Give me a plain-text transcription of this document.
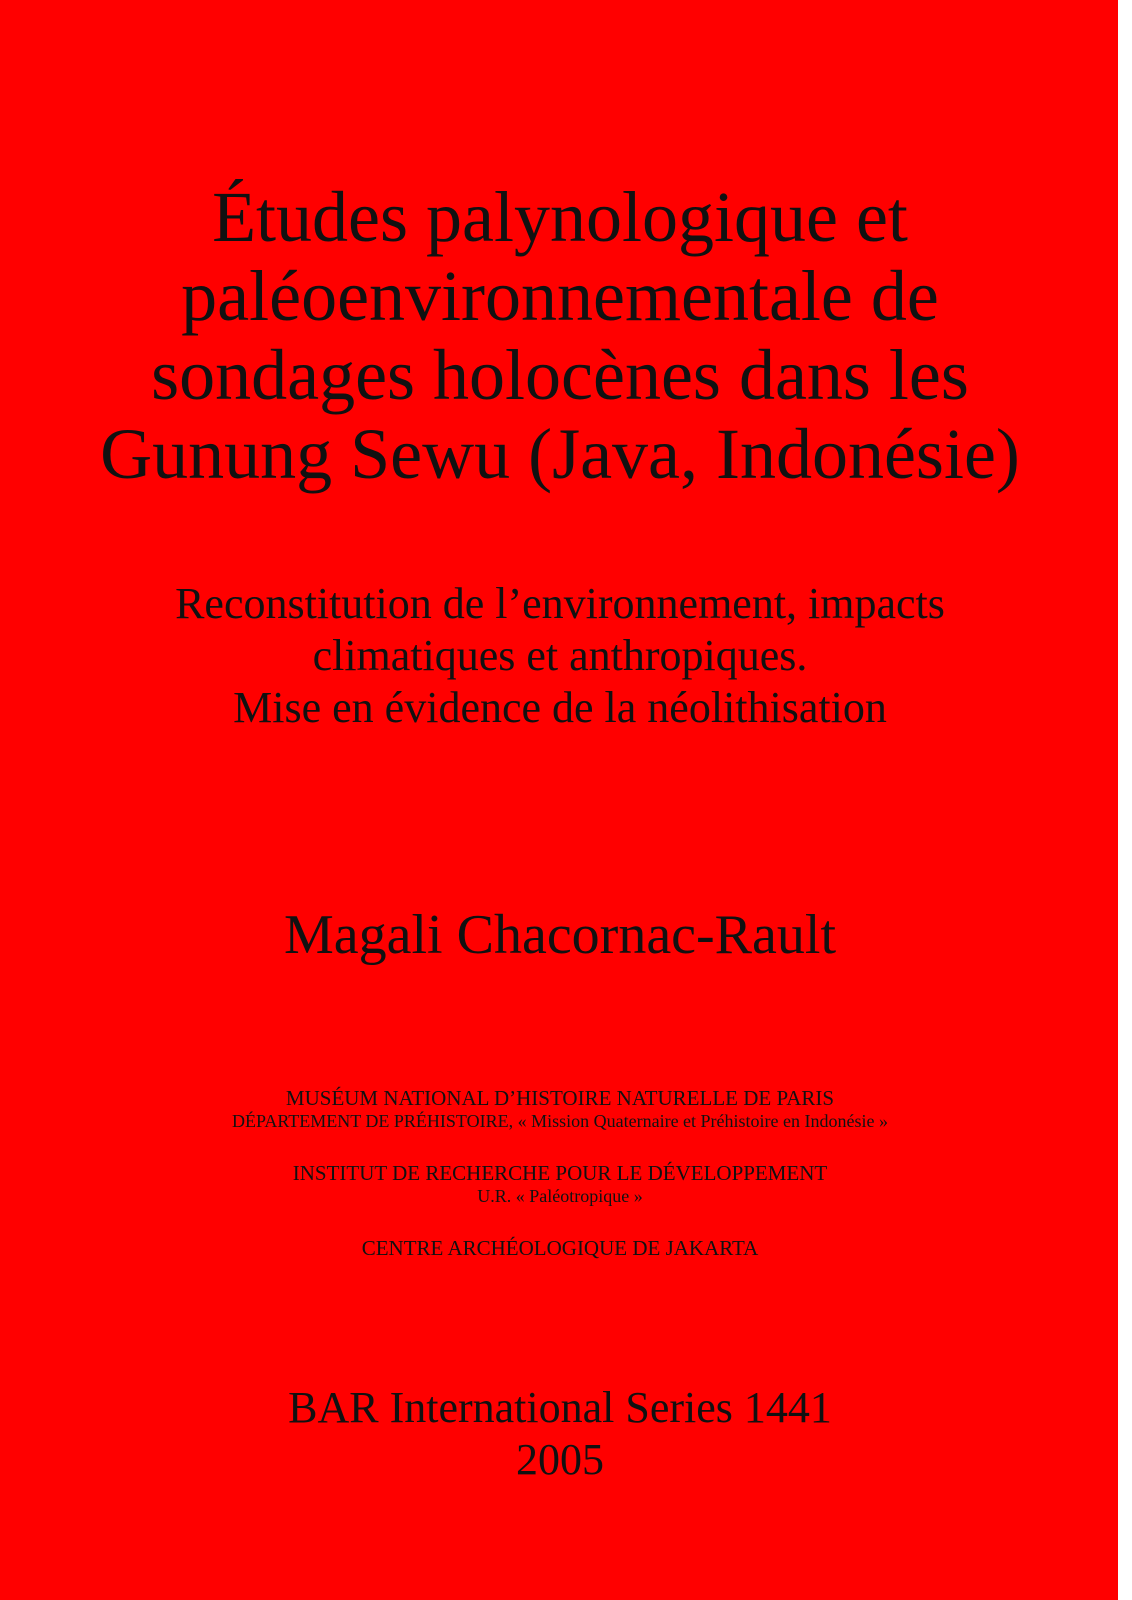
Études palynologique et
paléoenvironnementale de
sondages holocènes dans les
Gunung Sewu (Java, Indonésie)
Reconstitution de l’environnement, impacts
climatiques et anthropiques.
Mise en évidence de la néolithisation
Magali Chacornac-Rault
MUSÉUM NATIONAL D’HISTOIRE NATURELLE DE PARIS
DÉPARTEMENT DE PRÉHISTOIRE, « Mission Quaternaire et Préhistoire en Indonésie »
INSTITUT DE RECHERCHE POUR LE DÉVELOPPEMENT
U.R. « Paléotropique »
CENTRE ARCHÉOLOGIQUE DE JAKARTA
BAR International Series 1441
2005
